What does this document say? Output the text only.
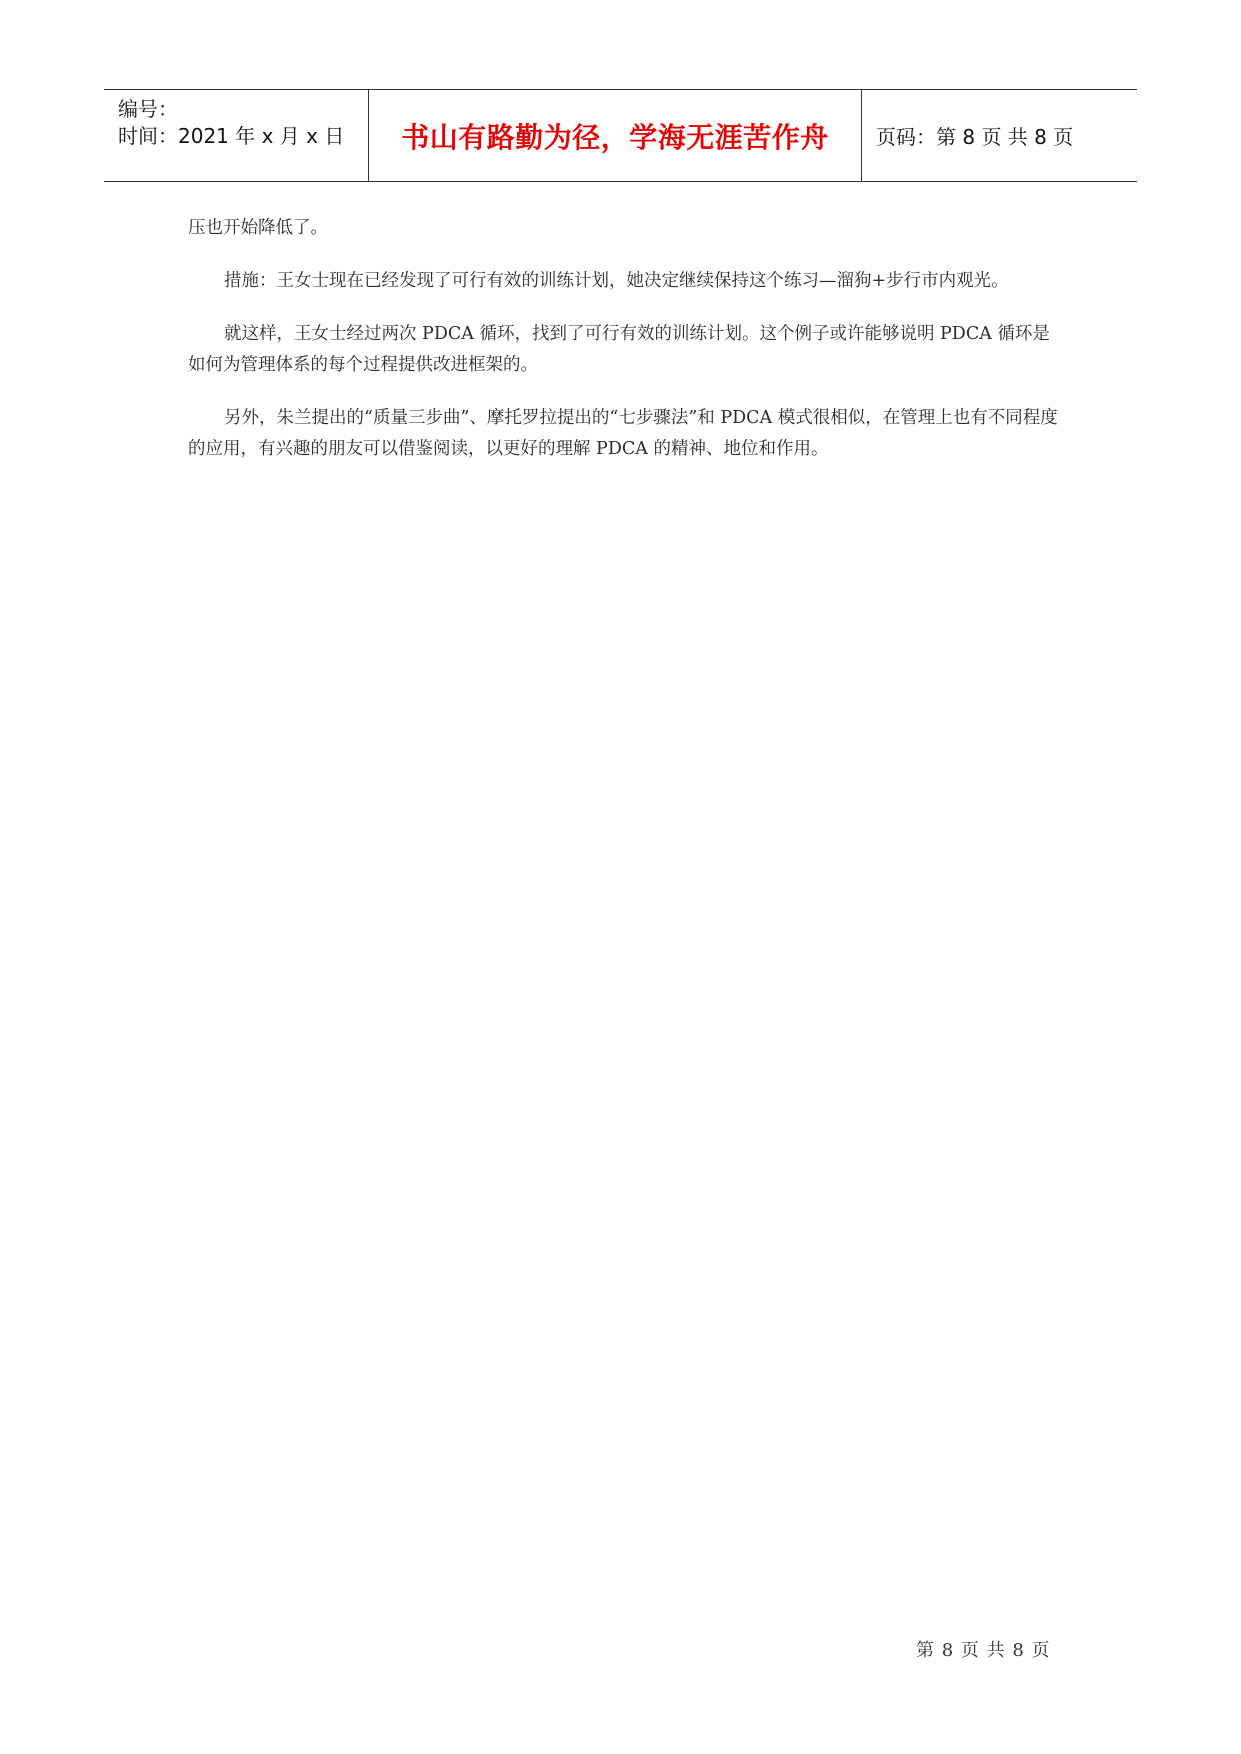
编号：
时间：2021 年 x 月 x 日 书山有路勤为径，学海无涯苦作舟 页码：第 8 页 共 8 页

压也开始降低了。

措施：王女士现在已经发现了可行有效的训练计划，她决定继续保持这个练习—溜狗+步行市内观光。

就这样，王女士经过两次 PDCA 循环，找到了可行有效的训练计划。这个例子或许能够说明 PDCA 循环是如何为管理体系的每个过程提供改进框架的。

另外，朱兰提出的“质量三步曲”、摩托罗拉提出的“七步骤法”和 PDCA 模式很相似，在管理上也有不同程度的应用，有兴趣的朋友可以借鉴阅读，以更好的理解 PDCA 的精神、地位和作用。

第 8 页 共 8 页
